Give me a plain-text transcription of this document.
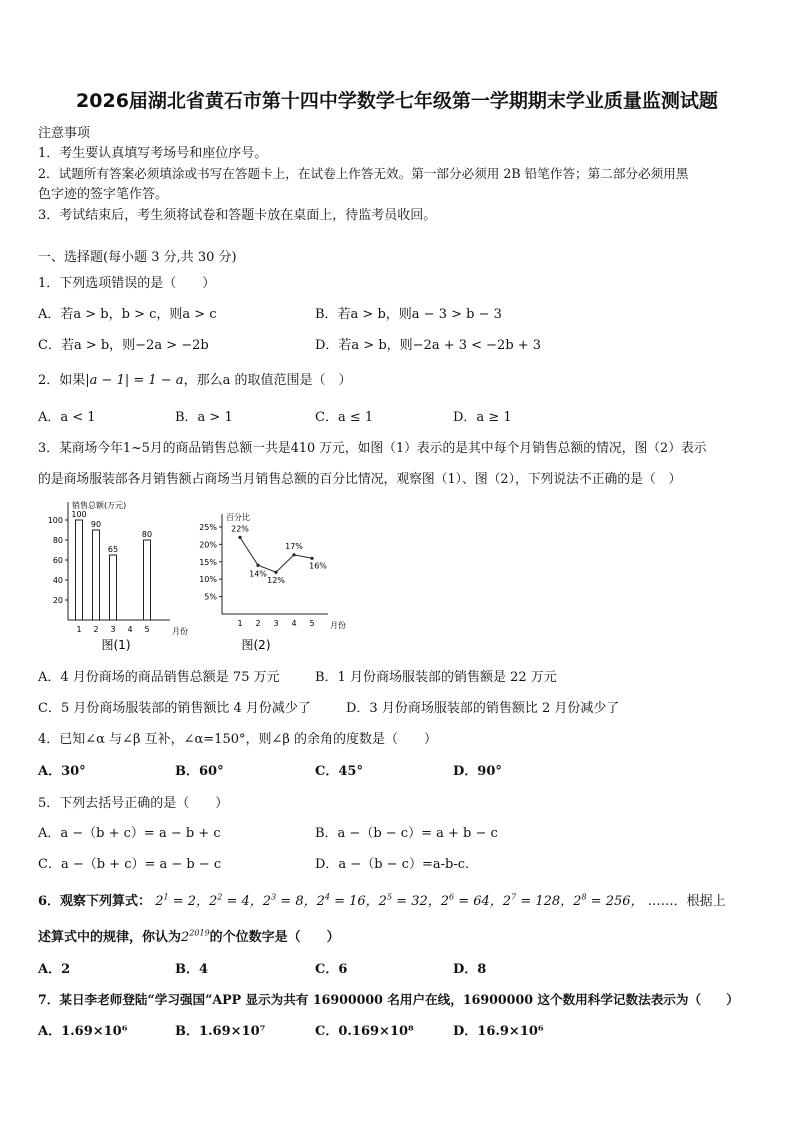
2026届湖北省黄石市第十四中学数学七年级第一学期期末学业质量监测试题
注意事项
1．考生要认真填写考场号和座位序号。
2．试题所有答案必须填涂或书写在答题卡上，在试卷上作答无效。第一部分必须用 2B 铅笔作答；第二部分必须用黑
色字迹的签字笔作答。
3．考试结束后，考生须将试卷和答题卡放在桌面上，待监考员收回。
一、选择题(每小题 3 分,共 30 分)
1．下列选项错误的是（　　）
A．若a > b，b > c，则a > c	B．若a > b，则a − 3 > b − 3
C．若a > b，则−2a > −2b	D．若a > b，则−2a + 3 < −2b + 3
2．如果|a − 1| = 1 − a，那么a 的取值范围是（　）
A．a < 1	B．a > 1	C．a ≤ 1	D．a ≥ 1
3．某商场今年1~5月的商品销售总额一共是410 万元，如图（1）表示的是其中每个月销售总额的情况，图（2）表示
的是商场服装部各月销售额占商场当月销售总额的百分比情况，观察图（1）、图（2），下列说法不正确的是（　）
销售总额(万元)
月份
20
40
60
80
100
1
100
2
90
3
65
4 5
80
图(1)
百分比
月份
5%
10%
15%
20%
25%
1 2 3 4 5
22%
14%
12%
17%
16%
图(2)
A．4 月份商场的商品销售总额是 75 万元	B．1 月份商场服装部的销售额是 22 万元
C．5 月份商场服装部的销售额比 4 月份减少了	D．3 月份商场服装部的销售额比 2 月份减少了
4．已知∠α 与∠β 互补，∠α=150°，则∠β 的余角的度数是（　　）
A．30°	B．60°	C．45°	D．90°
5．下列去括号正确的是（　　）
A．a −（b + c）= a − b + c	B．a −（b − c）= a + b − c
C．a −（b + c）= a − b − c	D．a −（b − c）=a-b-c.
6．观察下列算式： $2^1 = 2$，$2^2 = 4$，$2^3 = 8$，$2^4 = 16$，$2^5 = 32$，$2^6 = 64$，$2^7 = 128$，$2^8 = 256$， ……．根据上
述算式中的规律，你认为$2^{2019}$的个位数字是（　　）
A．2	B．4	C．6	D．8
7．某日李老师登陆“学习强国”APP 显示为共有 16900000 名用户在线，16900000 这个数用科学记数法表示为（　　）
A．1.69×10⁶	B．1.69×10⁷	C．0.169×10⁸	D．16.9×10⁶
